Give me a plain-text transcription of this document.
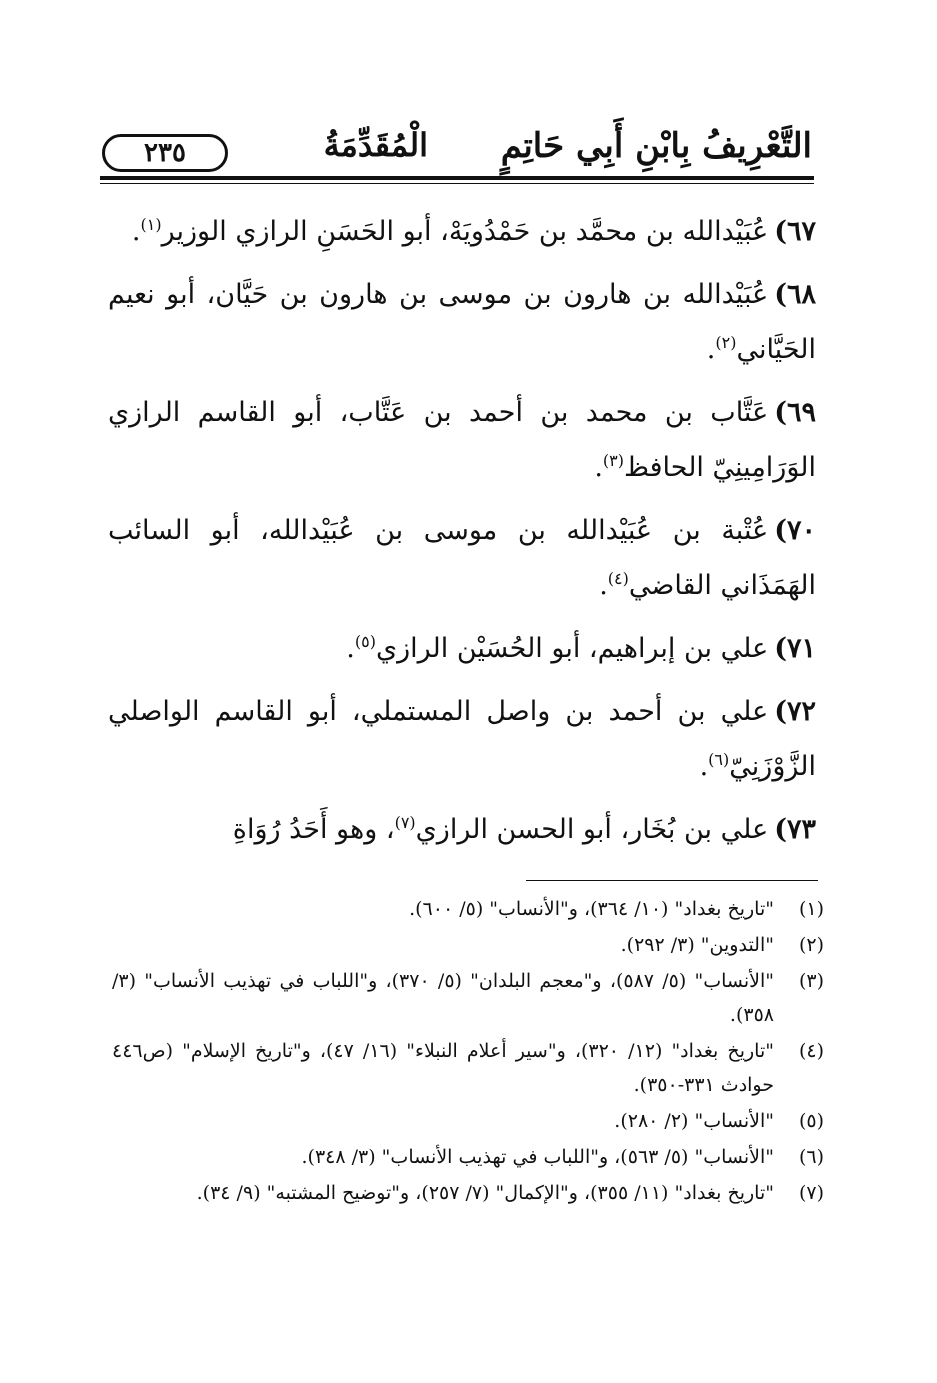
التَّعْرِيفُ بِابْنِ أَبِي حَاتِمٍ
الْمُقَدِّمَةُ
٢٣٥

٦٧)عُبَيْدالله بن محمَّد بن حَمْدُويَهْ، أبو الحَسَنِ الرازي الوزير$^{(١)}$.

٦٨)عُبَيْدالله بن هارون بن موسى بن هارون بن حَيَّان، أبو نعيم الحَيَّاني$^{(٢)}$.

٦٩)عَتَّاب بن محمد بن أحمد بن عَتَّاب، أبو القاسم الرازي الوَرَامِينِيّ الحافظ$^{(٣)}$.

٧٠)عُتْبة بن عُبَيْدالله بن موسى بن عُبَيْدالله، أبو السائب الهَمَذَاني القاضي$^{(٤)}$.

٧١)علي بن إبراهيم، أبو الحُسَيْن الرازي$^{(٥)}$.

٧٢)علي بن أحمد بن واصل المستملي، أبو القاسم الواصلي الزَّوْزَنِيّ$^{(٦)}$.

٧٣)علي بن بُخَار، أبو الحسن الرازي$^{(٧)}$، وهو أَحَدُ رُوَاةِ

(١)
"تاريخ بغداد" (١٠/ ٣٦٤)، و"الأنساب" (٥/ ٦٠٠).
(٢)
"التدوين" (٣/ ٢٩٢).
(٣)
"الأنساب" (٥/ ٥٨٧)، و"معجم البلدان" (٥/ ٣٧٠)، و"اللباب في تهذيب الأنساب" (٣/ ٣٥٨).
(٤)
"تاريخ بغداد" (١٢/ ٣٢٠)، و"سير أعلام النبلاء" (١٦/ ٤٧)، و"تاريخ الإسلام" (ص٤٤٦ حوادث ٣٣١-٣٥٠).
(٥)
"الأنساب" (٢/ ٢٨٠).
(٦)
"الأنساب" (٥/ ٥٦٣)، و"اللباب في تهذيب الأنساب" (٣/ ٣٤٨).
(٧)
"تاريخ بغداد" (١١/ ٣٥٥)، و"الإكمال" (٧/ ٢٥٧)، و"توضيح المشتبه" (٩/ ٣٤).
